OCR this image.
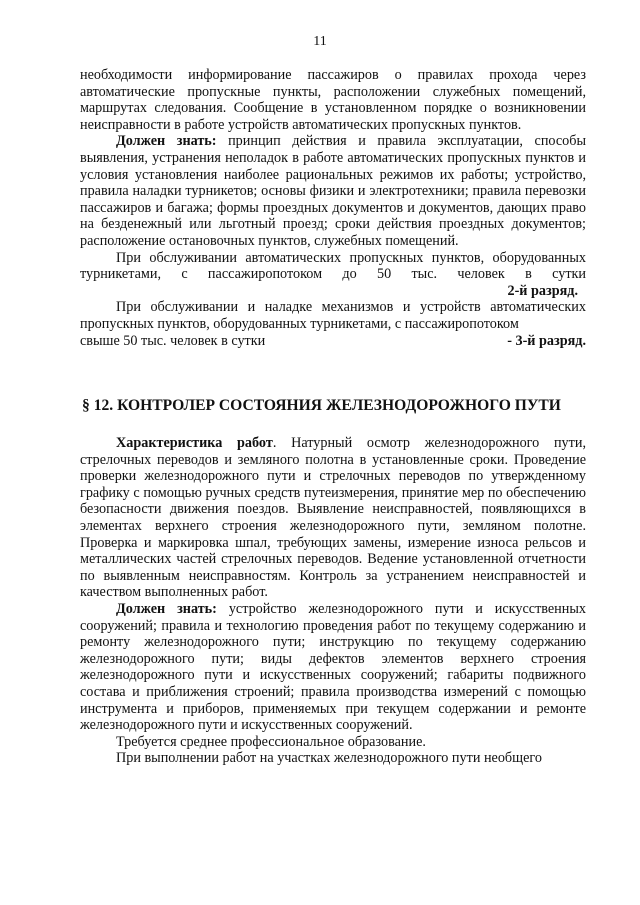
11

необходимости информирование пассажиров о правилах прохода через автоматические пропускные пункты, расположении служебных помещений, маршрутах следования. Сообщение в установленном порядке о возникновении неисправности в работе устройств автоматических пропускных пунктов.

Должен знать: принцип действия и правила эксплуатации, способы выявления, устранения неполадок в работе автоматических пропускных пунктов и условия установления наиболее рациональных режимов их работы; устройство, правила наладки турникетов; основы физики и электротехники; правила перевозки пассажиров и багажа; формы проездных документов и документов, дающих право на безденежный или льготный проезд; сроки действия проездных документов; расположение остановочных пунктов, служебных помещений.

При обслуживании автоматических пропускных пунктов, оборудованных турникетами, с пассажиропотоком до 50 тыс. человек в сутки

2-й разряд.

При обслуживании и наладке механизмов и устройств автоматических пропускных пунктов, оборудованных турникетами, с пассажиропотоком

свыше 50 тыс. человек в сутки	- 3-й разряд.
§ 12. КОНТРОЛЕР СОСТОЯНИЯ ЖЕЛЕЗНОДОРОЖНОГО ПУТИ

Характеристика работ. Натурный осмотр железнодорожного пути, стрелочных переводов и земляного полотна в установленные сроки. Проведение проверки железнодорожного пути и стрелочных переводов по утвержденному графику с помощью ручных средств путеизмерения, принятие мер по обеспечению безопасности движения поездов. Выявление неисправностей, появляющихся в элементах верхнего строения железнодорожного пути, земляном полотне. Проверка и маркировка шпал, требующих замены, измерение износа рельсов и металлических частей стрелочных переводов. Ведение установленной отчетности по выявленным неисправностям. Контроль за устранением неисправностей и качеством выполненных работ.

Должен знать: устройство железнодорожного пути и искусственных сооружений; правила и технологию проведения работ по текущему содержанию и ремонту железнодорожного пути; инструкцию по текущему содержанию железнодорожного пути; виды дефектов элементов верхнего строения железнодорожного пути и искусственных сооружений; габариты подвижного состава и приближения строений; правила производства измерений с помощью инструмента и приборов, применяемых при текущем содержании и ремонте железнодорожного пути и искусственных сооружений.

Требуется среднее профессиональное образование.

При выполнении работ на участках железнодорожного пути необщего
